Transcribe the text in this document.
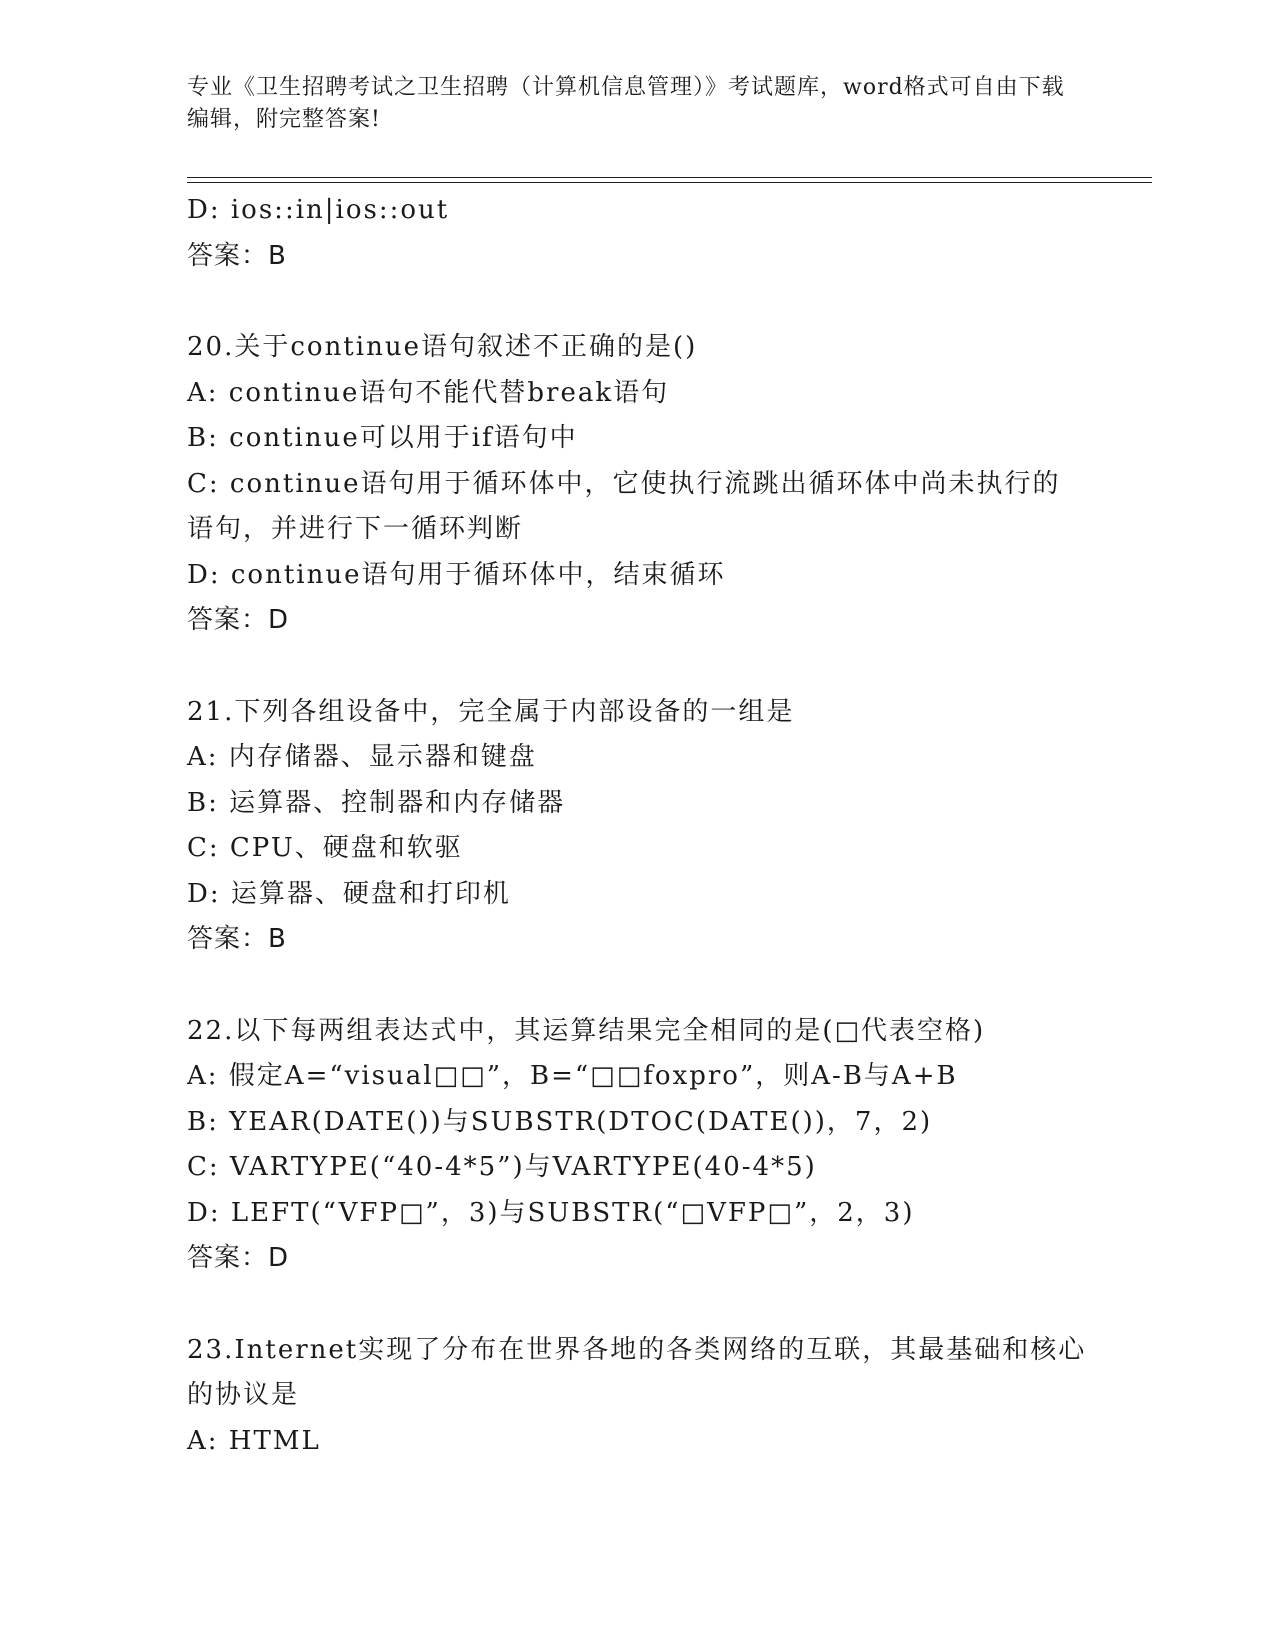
专业《卫生招聘考试之卫生招聘（计算机信息管理）》考试题库，word格式可自由下载编辑，附完整答案!
D: ios::in|ios::out
答案：B
20.关于continue语句叙述不正确的是()
A: continue语句不能代替break语句
B: continue可以用于if语句中
C: continue语句用于循环体中，它使执行流跳出循环体中尚未执行的语句，并进行下一循环判断
D: continue语句用于循环体中，结束循环
答案：D
21.下列各组设备中，完全属于内部设备的一组是
A: 内存储器、显示器和键盘
B: 运算器、控制器和内存储器
C: CPU、硬盘和软驱
D: 运算器、硬盘和打印机
答案：B
22.以下每两组表达式中，其运算结果完全相同的是(□代表空格)
A: 假定A=“visual□□”，B=“□□foxpro”，则A-B与A+B
B: YEAR(DATE())与SUBSTR(DTOC(DATE())，7，2)
C: VARTYPE(“40-4*5”)与VARTYPE(40-4*5)
D: LEFT(“VFP□”，3)与SUBSTR(“□VFP□”，2，3)
答案：D
23.Internet实现了分布在世界各地的各类网络的互联，其最基础和核心的协议是
A: HTML
